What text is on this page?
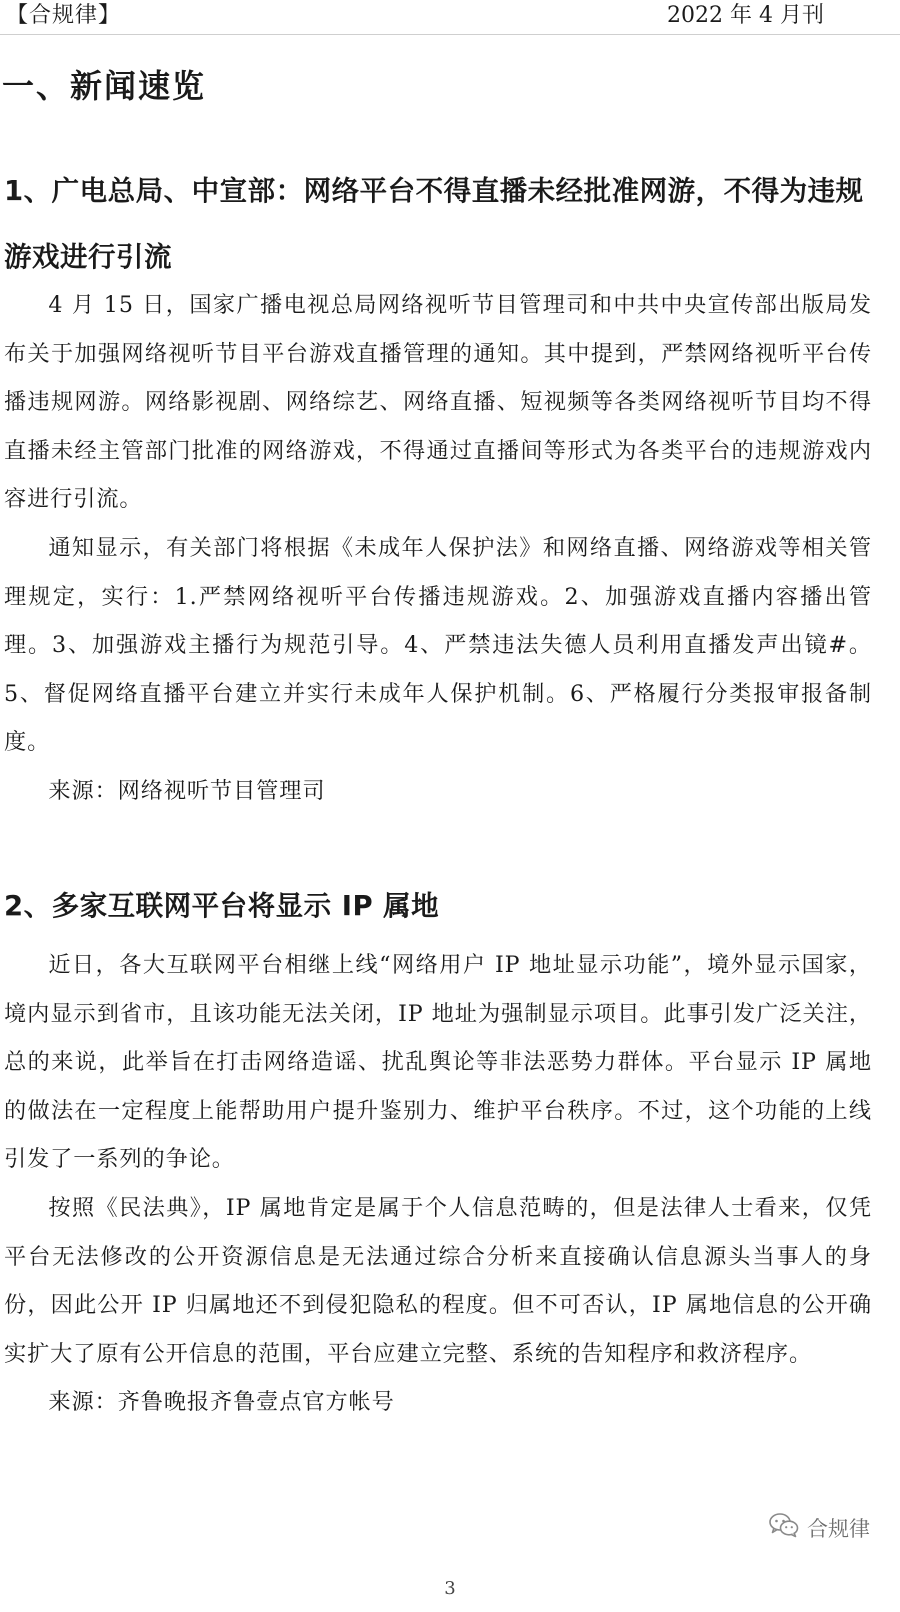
【合规律】	2022 年 4 月刊
一、新闻速览
1、广电总局、中宣部：网络平台不得直播未经批准网游，不得为违规游戏进行引流

4 月 15 日，国家广播电视总局网络视听节目管理司和中共中央宣传部出版局发布关于加强网络视听节目平台游戏直播管理的通知。其中提到，严禁网络视听平台传播违规网游。网络影视剧、网络综艺、网络直播、短视频等各类网络视听节目均不得直播未经主管部门批准的网络游戏，不得通过直播间等形式为各类平台的违规游戏内容进行引流。

通知显示，有关部门将根据《未成年人保护法》和网络直播、网络游戏等相关管理规定，实行：1.严禁网络视听平台传播违规游戏。2、加强游戏直播内容播出管理。3、加强游戏主播行为规范引导。4、严禁违法失德人员利用直播发声出镜#。5、督促网络直播平台建立并实行未成年人保护机制。6、严格履行分类报审报备制度。

来源：网络视听节目管理司

2、多家互联网平台将显示 IP 属地

近日，各大互联网平台相继上线“网络用户 IP 地址显示功能”，境外显示国家，境内显示到省市，且该功能无法关闭，IP 地址为强制显示项目。此事引发广泛关注，总的来说，此举旨在打击网络造谣、扰乱舆论等非法恶势力群体。平台显示 IP 属地的做法在一定程度上能帮助用户提升鉴别力、维护平台秩序。不过，这个功能的上线引发了一系列的争论。

按照《民法典》，IP 属地肯定是属于个人信息范畴的，但是法律人士看来，仅凭平台无法修改的公开资源信息是无法通过综合分析来直接确认信息源头当事人的身份，因此公开 IP 归属地还不到侵犯隐私的程度。但不可否认，IP 属地信息的公开确实扩大了原有公开信息的范围，平台应建立完整、系统的告知程序和救济程序。

来源：齐鲁晚报齐鲁壹点官方帐号

合规律
3
